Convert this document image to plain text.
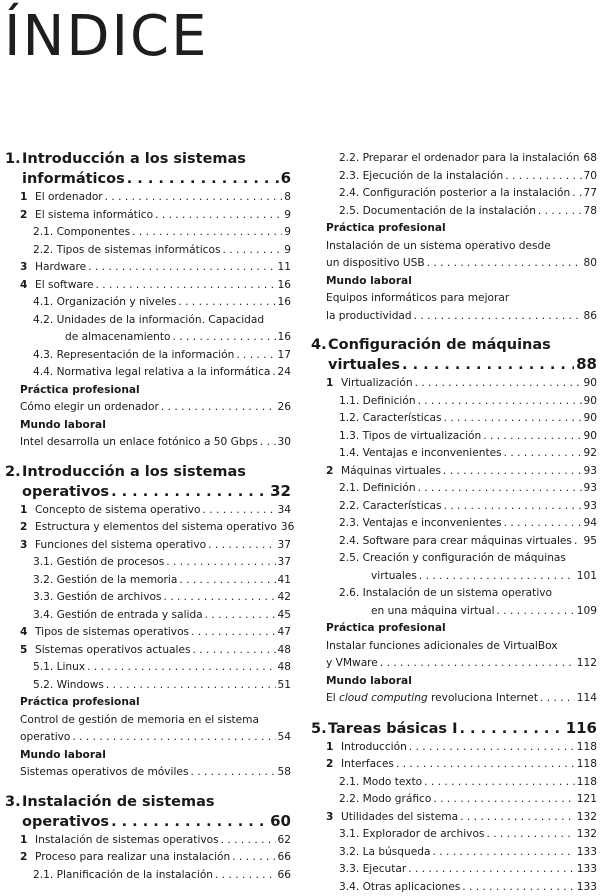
ÍNDICE
1. Introducción a los sistemas
informáticos . . .	6
1 El ordenador . . .	8
2 El sistema informático . . .	9
2.1. Componentes . . .	9
2.2. Tipos de sistemas informáticos . . .	9
3 Hardware . . .	11
4 El software . . .	16
4.1. Organización y niveles . . .	16
4.2. Unidades de la información. Capacidad
de almacenamiento . . .	16
4.3. Representación de la información . . .	17
4.4. Normativa legal relativa a la informática . . . 24
Práctica profesional
Cómo elegir un ordenador . . .	26
Mundo laboral
Intel desarrolla un enlace fotónico a 50 Gbps . . . 30
2. Introducción a los sistemas
operativos . . .	32
1 Concepto de sistema operativo . . .	34
2 Estructura y elementos del sistema operativo 36
3 Funciones del sistema operativo . . .	37
3.1. Gestión de procesos . . .	37
3.2. Gestión de la memoria . . .	41
3.3. Gestión de archivos . . .	42
3.4. Gestión de entrada y salida . . .	45
4 Tipos de sistemas operativos . . .	47
5 Sistemas operativos actuales . . .	48
5.1. Linux . . .	48
5.2. Windows . . .	51
Práctica profesional
Control de gestión de memoria en el sistema
operativo . . .	54
Mundo laboral
Sistemas operativos de móviles . . .	58
3. Instalación de sistemas
operativos . . .	60
1 Instalación de sistemas operativos . . .	62
2 Proceso para realizar una instalación . . .	66
2.1. Planificación de la instalación . . .	66
2.2. Preparar el ordenador para la instalación 68
2.3. Ejecución de la instalación . . .	70
2.4. Configuración posterior a la instalación . . . 77
2.5. Documentación de la instalación . . .	78
Práctica profesional
Instalación de un sistema operativo desde
un dispositivo USB . . .	80
Mundo laboral
Equipos informáticos para mejorar
la productividad . . .	86
4. Configuración de máquinas
virtuales . . .	88
1 Virtualización . . .	90
1.1. Definición . . .	90
1.2. Características . . .	90
1.3. Tipos de virtualización . . .	90
1.4. Ventajas e inconvenientes . . .	92
2 Máquinas virtuales . . .	93
2.1. Definición . . .	93
2.2. Características . . .	93
2.3. Ventajas e inconvenientes . . .	94
2.4. Software para crear máquinas virtuales . . . 95
2.5. Creación y configuración de máquinas
virtuales . . .	101
2.6. Instalación de un sistema operativo
en una máquina virtual . . .	109
Práctica profesional
Instalar funciones adicionales de VirtualBox
y VMware . . .	112
Mundo laboral
El cloud computing revoluciona Internet . . .	114
5. Tareas básicas I . . .	116
1 Introducción . . .	118
2 Interfaces . . .	118
2.1. Modo texto . . .	118
2.2. Modo gráfico . . .	121
3 Utilidades del sistema . . .	132
3.1. Explorador de archivos . . .	132
3.2. La búsqueda . . .	133
3.3. Ejecutar . . .	133
3.4. Otras aplicaciones . . .	133
